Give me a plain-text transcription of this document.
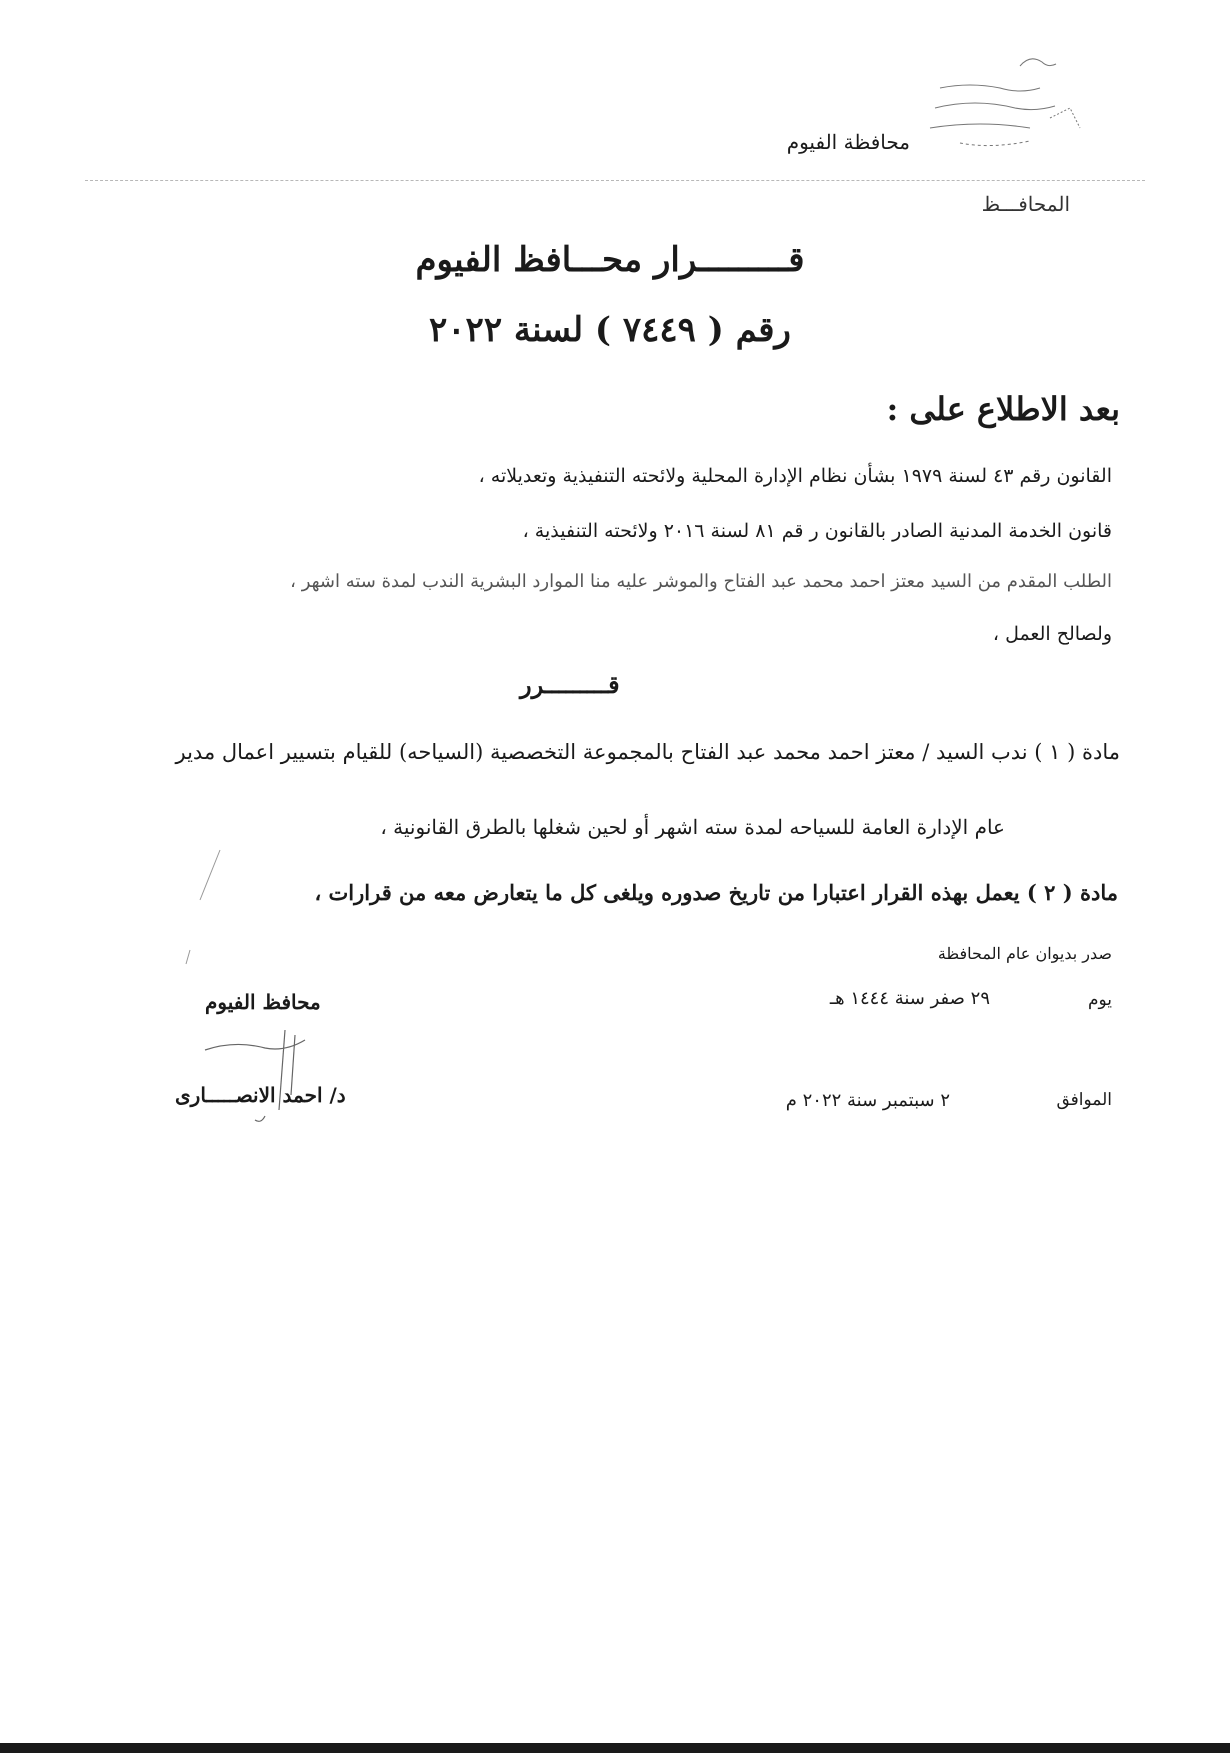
محافظة الفيوم
المحافـــظ
قـــــــــرار محـــافظ الفيوم
رقم ( ٧٤٤٩ ) لسنة ٢٠٢٢
بعد الاطلاع على :
القانون رقم ٤٣ لسنة ١٩٧٩ بشأن نظام الإدارة المحلية ولائحته التنفيذية وتعديلاته ،
قانون الخدمة المدنية الصادر بالقانون ر قم ٨١ لسنة ٢٠١٦ ولائحته التنفيذية ،
الطلب المقدم من السيد معتز احمد محمد عبد الفتاح والموشر عليه منا الموارد البشرية الندب لمدة سته اشهر ،
ولصالح العمل ،
قـــــــــرر
مادة ( ١ ) ندب السيد / معتز احمد محمد عبد الفتاح بالمجموعة التخصصية (السياحه) للقيام بتسيير اعمال مدير
عام الإدارة العامة للسياحه لمدة سته اشهر أو لحين شغلها بالطرق القانونية ،
مادة ( ٢ ) يعمل بهذه القرار اعتبارا من تاريخ صدوره ويلغى كل ما يتعارض معه من قرارات ،
صدر بديوان عام المحافظة
يوم
٢٩ صفر سنة ١٤٤٤ هـ
الموافق
٢ سبتمبر سنة ٢٠٢٢ م
محافظ الفيوم
د/ احمد الانصـــــارى
